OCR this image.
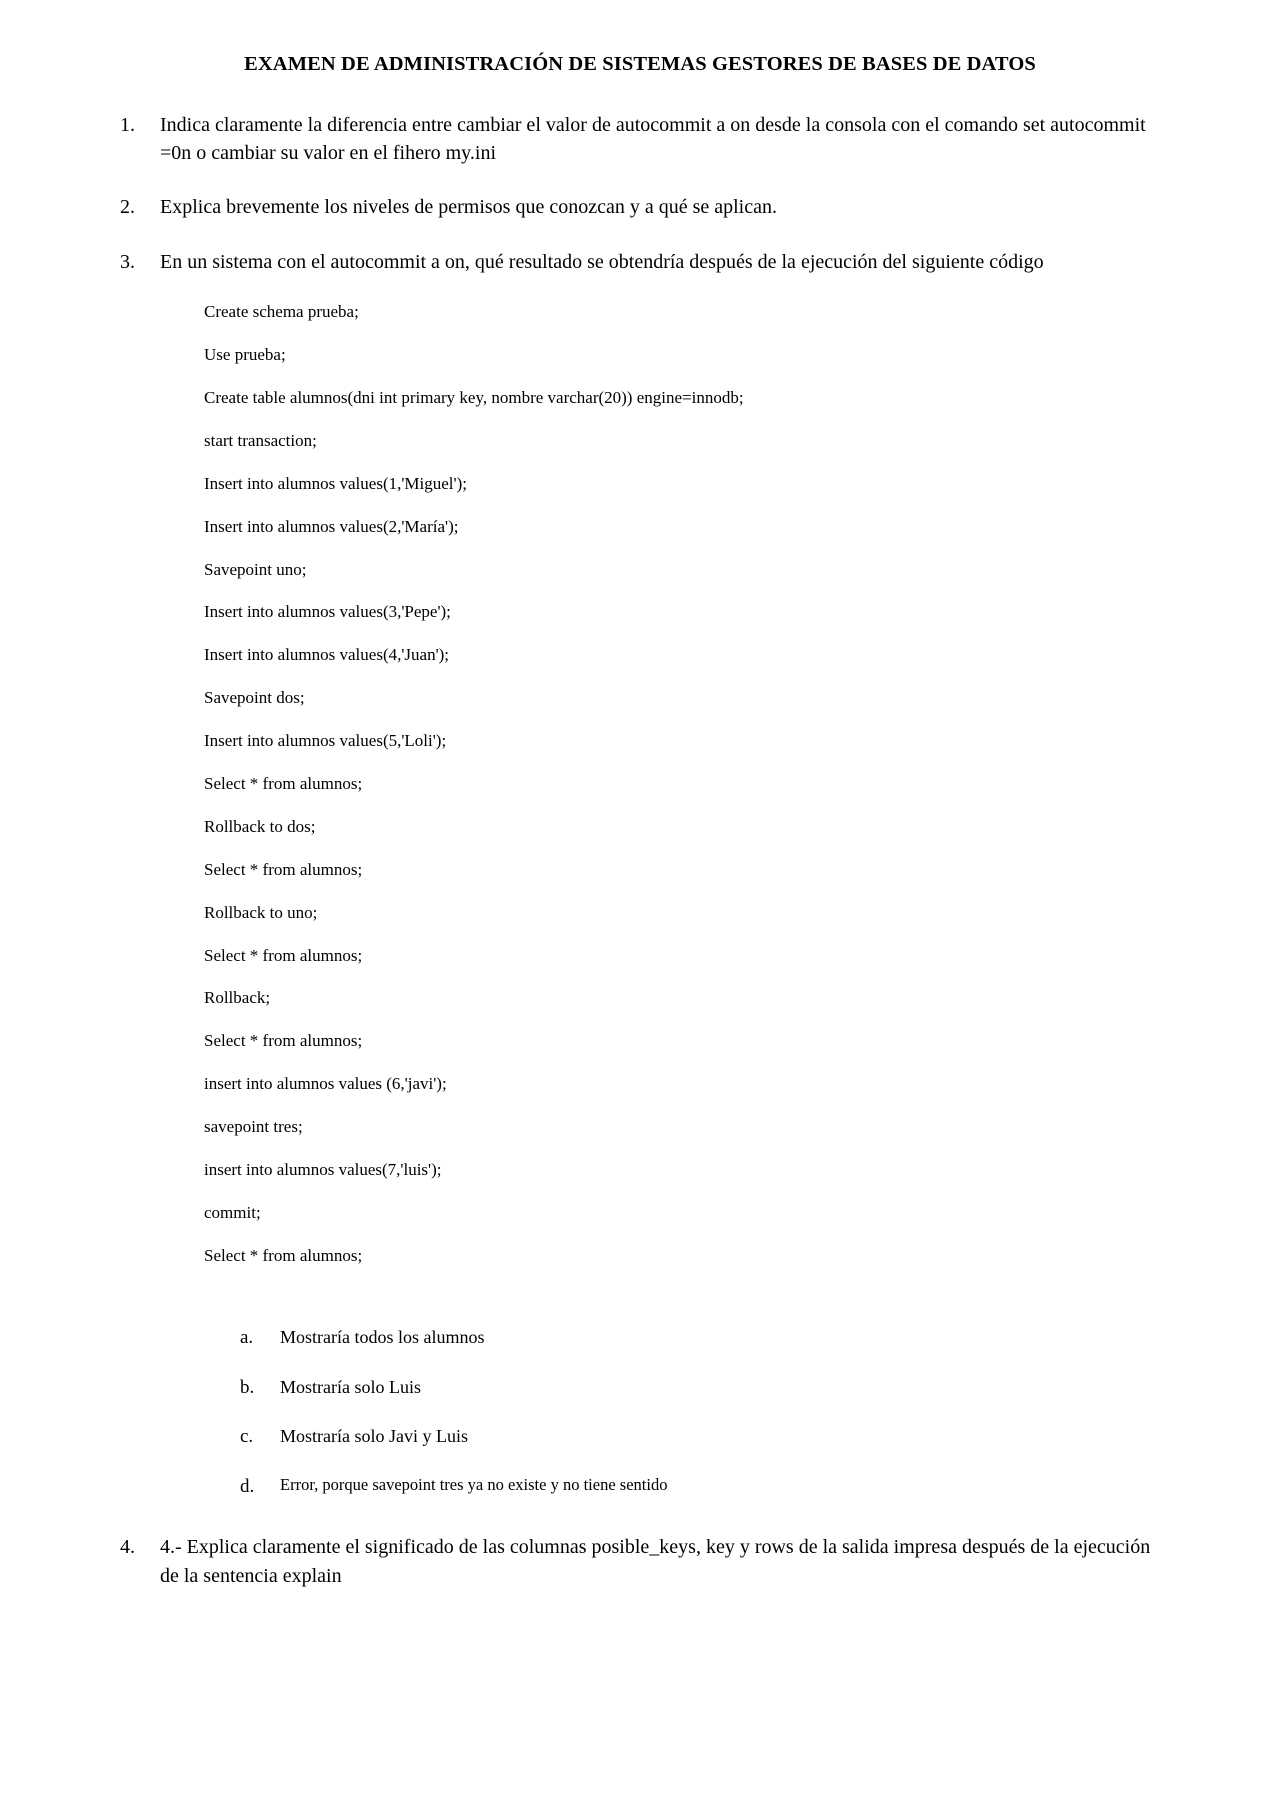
EXAMEN DE ADMINISTRACIÓN DE SISTEMAS GESTORES DE BASES DE DATOS
1. Indica claramente la diferencia entre cambiar el valor de autocommit a on desde la consola con el comando set autocommit =0n o cambiar su valor en el fihero my.ini
2. Explica brevemente los niveles de permisos que conozcan y a qué se aplican.
3. En un sistema con el autocommit a on, qué resultado se obtendría después de la ejecución del siguiente código
Create schema prueba;
Use prueba;
Create table alumnos(dni int primary key, nombre varchar(20)) engine=innodb;
start transaction;
Insert into alumnos values(1,'Miguel');
Insert into alumnos values(2,'María');
Savepoint uno;
Insert into alumnos values(3,'Pepe');
Insert into alumnos values(4,'Juan');
Savepoint dos;
Insert into alumnos values(5,'Loli');
Select * from alumnos;
Rollback to dos;
Select * from alumnos;
Rollback to uno;
Select * from alumnos;
Rollback;
Select * from alumnos;
insert into alumnos values (6,'javi');
savepoint tres;
insert into alumnos values(7,'luis');
commit;
Select * from alumnos;
a. Mostraría todos los alumnos
b. Mostraría solo Luis
c. Mostraría solo Javi y Luis
d. Error, porque savepoint tres ya no existe y no tiene sentido
4. 4.- Explica claramente el significado de las columnas posible_keys, key y rows de la salida impresa después de la ejecución de la sentencia explain
